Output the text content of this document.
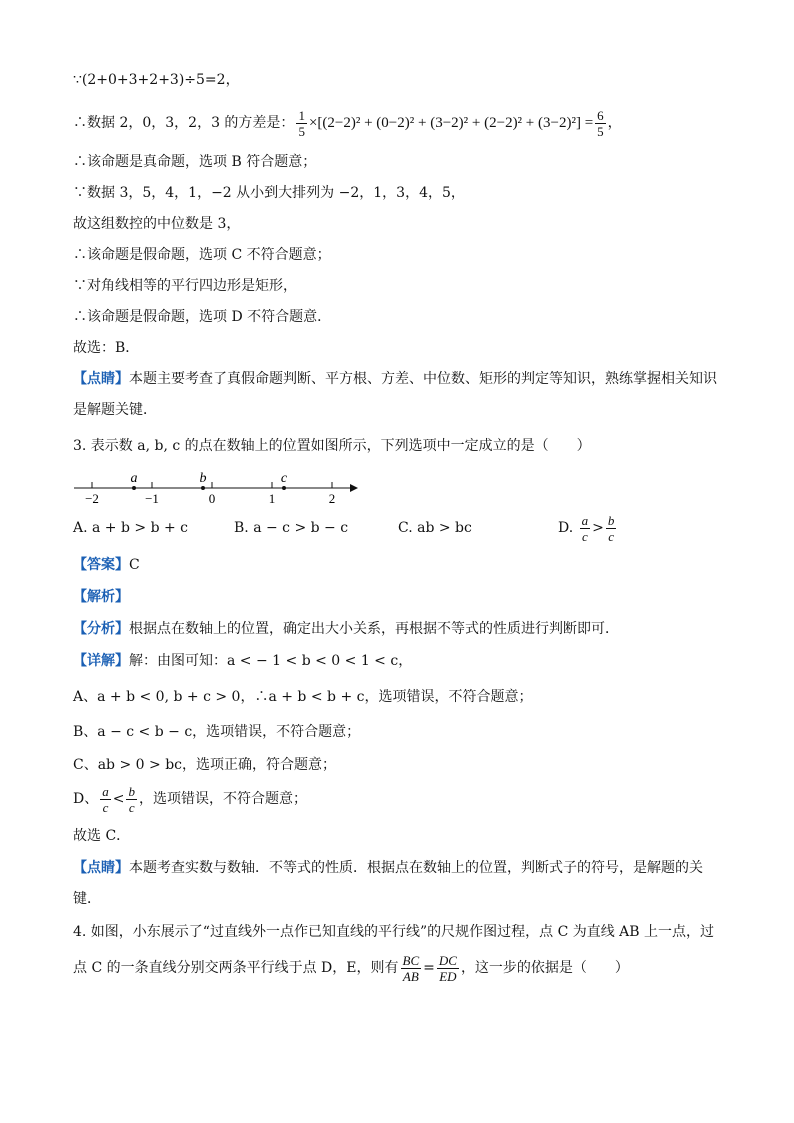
∵(2+0+3+2+3)÷5=2，
∴数据 2，0，3，2，3 的方差是： $\frac{1}{5} \times[(2-2)^2 + (0-2)^2 + (3-2)^2 + (2-2)^2 + (3-2)^2] = \frac{6}{5}$ ，
∴该命题是真命题，选项 B 符合题意；
∵数据 3，5，4，1，−2 从小到大排列为 −2，1，3，4，5，
故这组数控的中位数是 3，
∴该命题是假命题，选项 C 不符合题意；
∵对角线相等的平行四边形是矩形，
∴该命题是假命题，选项 D 不符合题意．
故选：B．
【点睛】本题主要考查了真假命题判断、平方根、方差、中位数、矩形的判定等知识，熟练掌握相关知识
是解题关键．
3. 表示数 a, b, c 的点在数轴上的位置如图所示，下列选项中一定成立的是（　　）
−2	−1	0	1	2
a	b	c
A. a + b > b + c	B. a − c > b − c	C. ab > bc	D. $\frac{a}{c} > \frac{b}{c}$
【答案】C
【解析】
【分析】根据点在数轴上的位置，确定出大小关系，再根据不等式的性质进行判断即可．
【详解】解：由图可知：a < − 1 < b < 0 < 1 < c，
A、a + b < 0, b + c > 0，∴a + b < b + c，选项错误，不符合题意；
B、a − c < b − c，选项错误，不符合题意；
C、ab > 0 > bc，选项正确，符合题意；
D、 $\frac{a}{c} < \frac{b}{c}$ ，选项错误，不符合题意；
故选 C．
【点睛】本题考查实数与数轴．不等式的性质．根据点在数轴上的位置，判断式子的符号，是解题的关
键．
4. 如图，小东展示了“过直线外一点作已知直线的平行线”的尺规作图过程，点 C 为直线 AB 上一点，过
点 C 的一条直线分别交两条平行线于点 D，E，则有 $\frac{BC}{AB} = \frac{DC}{ED}$ ，这一步的依据是（　　）
